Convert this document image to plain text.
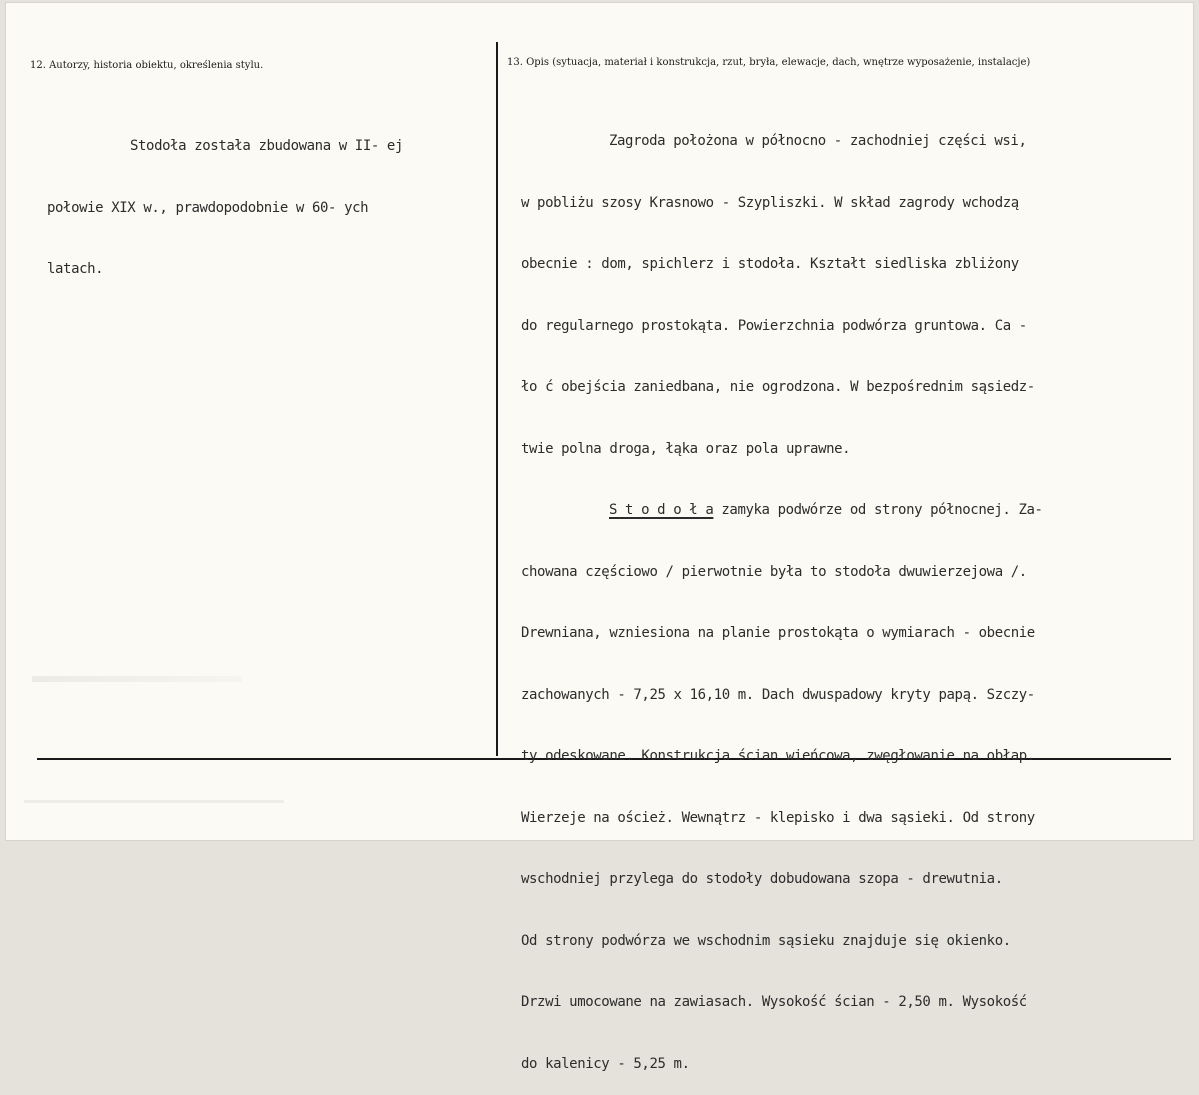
12. Autorzy, historia obiektu, określenia stylu.	13. Opis (sytuacja, materiał i konstrukcja, rzut, bryła, elewacje, dach, wnętrze wyposażenie, instalacje)

Stodoła została zbudowana w II- ej

połowie XIX w., prawdopodobnie w 60- ych

latach.

Zagroda położona w północno - zachodniej części wsi,

w pobliżu szosy Krasnowo - Szypliszki. W skład zagrody wchodzą

obecnie : dom, spichlerz i stodoła. Kształt siedliska zbliżony

do regularnego prostokąta. Powierzchnia podwórza gruntowa. Ca -

ło ć obejścia zaniedbana, nie ogrodzona. W bezpośrednim sąsiedz-

twie polna droga, łąka oraz pola uprawne.

S t o d o ł a zamyka podwórze od strony północnej. Za-

chowana częściowo / pierwotnie była to stodoła dwuwierzejowa /.

Drewniana, wzniesiona na planie prostokąta o wymiarach - obecnie

zachowanych - 7,25 x 16,10 m. Dach dwuspadowy kryty papą. Szczy-

ty odeskowane. Konstrukcja ścian wieńcowa, zwęgłowanie na obłap.

Wierzeje na oścież. Wewnątrz - klepisko i dwa sąsieki. Od strony

wschodniej przylega do stodoły dobudowana szopa - drewutnia.

Od strony podwórza we wschodnim sąsieku znajduje się okienko.

Drzwi umocowane na zawiasach. Wysokość ścian - 2,50 m. Wysokość

do kalenicy - 5,25 m.
